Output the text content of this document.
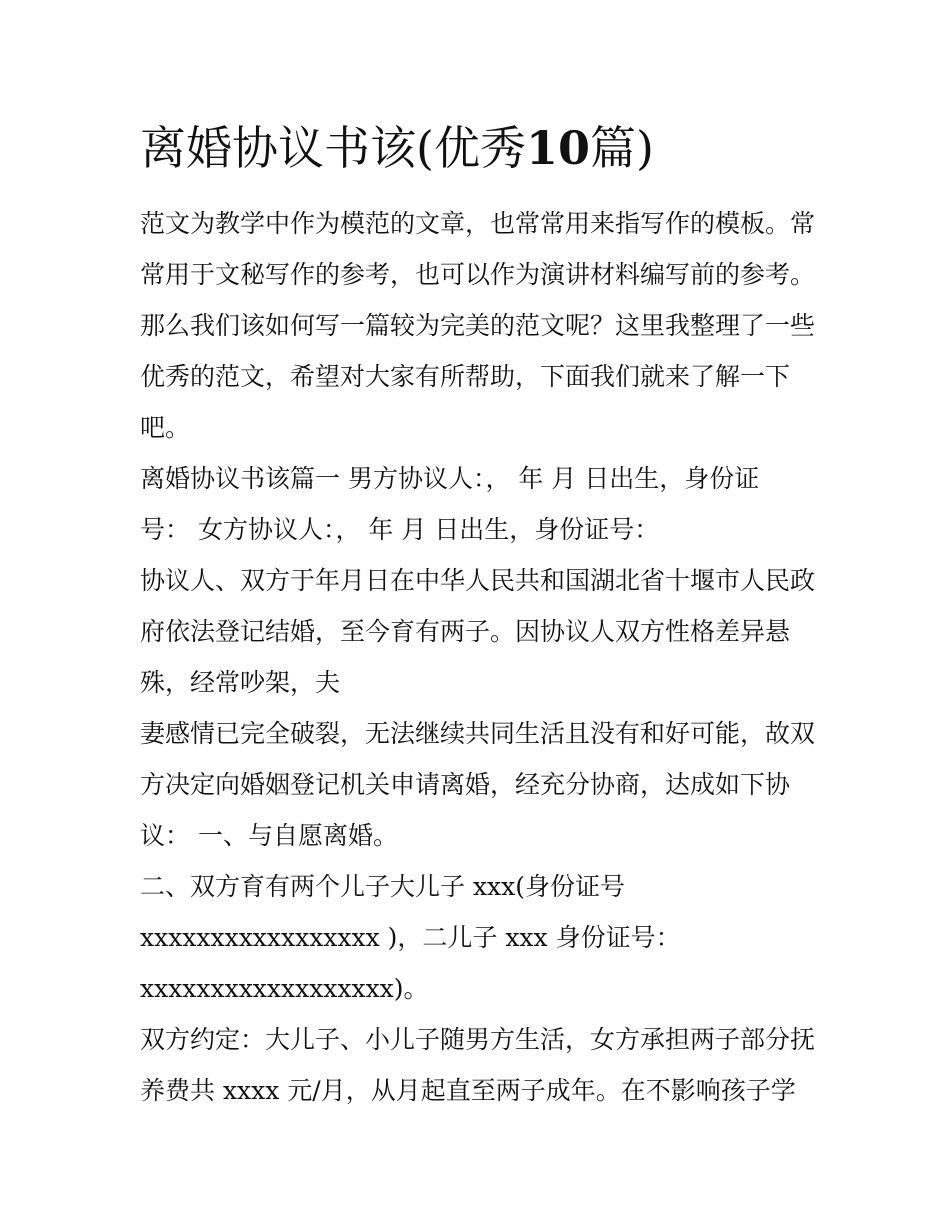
离婚协议书该(优秀10篇)
范文为教学中作为模范的文章，也常常用来指写作的模板。常
常用于文秘写作的参考，也可以作为演讲材料编写前的参考。
那么我们该如何写一篇较为完美的范文呢？这里我整理了一些
优秀的范文，希望对大家有所帮助，下面我们就来了解一下
吧。
离婚协议书该篇一 男方协议人：， 年 月 日出生，身份证
号： 女方协议人：， 年 月 日出生，身份证号：
协议人、双方于年月日在中华人民共和国湖北省十堰市人民政
府依法登记结婚，至今育有两子。因协议人双方性格差异悬
殊，经常吵架，夫
妻感情已完全破裂，无法继续共同生活且没有和好可能，故双
方决定向婚姻登记机关申请离婚，经充分协商，达成如下协
议： 一、与自愿离婚。
二、双方育有两个儿子大儿子 xxx(身份证号
xxxxxxxxxxxxxxxxx )，二儿子 xxx 身份证号：
xxxxxxxxxxxxxxxxxx)。
双方约定：大儿子、小儿子随男方生活，女方承担两子部分抚
养费共 xxxx 元/月，从月起直至两子成年。在不影响孩子学
